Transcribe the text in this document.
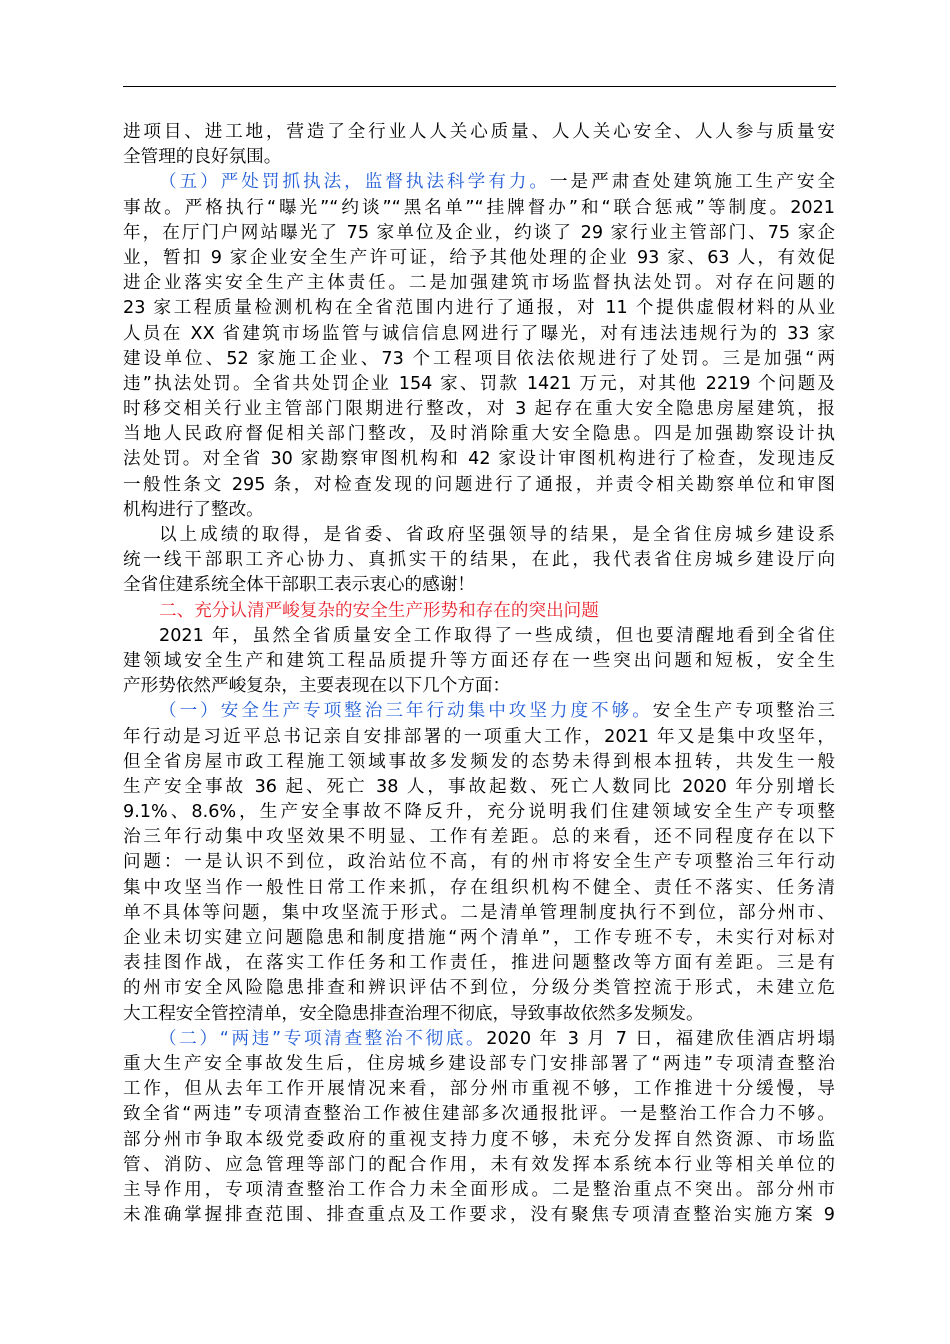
进项目、进工地，营造了全行业人人关心质量、人人关心安全、人人参与质量安
全管理的良好氛围。
（五）严处罚抓执法，监督执法科学有力。一是严肃查处建筑施工生产安全
事故。严格执行“曝光”“约谈”“黑名单”“挂牌督办”和“联合惩戒”等制度。2021
年，在厅门户网站曝光了 75 家单位及企业，约谈了 29 家行业主管部门、75 家企
业，暂扣 9 家企业安全生产许可证，给予其他处理的企业 93 家、63 人，有效促
进企业落实安全生产主体责任。二是加强建筑市场监督执法处罚。对存在问题的
23 家工程质量检测机构在全省范围内进行了通报，对 11 个提供虚假材料的从业
人员在 XX 省建筑市场监管与诚信信息网进行了曝光，对有违法违规行为的 33 家
建设单位、52 家施工企业、73 个工程项目依法依规进行了处罚。三是加强“两
违”执法处罚。全省共处罚企业 154 家、罚款 1421 万元，对其他 2219 个问题及
时移交相关行业主管部门限期进行整改，对 3 起存在重大安全隐患房屋建筑，报
当地人民政府督促相关部门整改，及时消除重大安全隐患。四是加强勘察设计执
法处罚。对全省 30 家勘察审图机构和 42 家设计审图机构进行了检查，发现违反
一般性条文 295 条，对检查发现的问题进行了通报，并责令相关勘察单位和审图
机构进行了整改。
以上成绩的取得，是省委、省政府坚强领导的结果，是全省住房城乡建设系
统一线干部职工齐心协力、真抓实干的结果，在此，我代表省住房城乡建设厅向
全省住建系统全体干部职工表示衷心的感谢！
二、充分认清严峻复杂的安全生产形势和存在的突出问题
2021 年，虽然全省质量安全工作取得了一些成绩，但也要清醒地看到全省住
建领域安全生产和建筑工程品质提升等方面还存在一些突出问题和短板，安全生
产形势依然严峻复杂，主要表现在以下几个方面：
（一）安全生产专项整治三年行动集中攻坚力度不够。安全生产专项整治三
年行动是习近平总书记亲自安排部署的一项重大工作，2021 年又是集中攻坚年，
但全省房屋市政工程施工领域事故多发频发的态势未得到根本扭转，共发生一般
生产安全事故 36 起、死亡 38 人，事故起数、死亡人数同比 2020 年分别增长
9.1%、8.6%，生产安全事故不降反升，充分说明我们住建领域安全生产专项整
治三年行动集中攻坚效果不明显、工作有差距。总的来看，还不同程度存在以下
问题：一是认识不到位，政治站位不高，有的州市将安全生产专项整治三年行动
集中攻坚当作一般性日常工作来抓，存在组织机构不健全、责任不落实、任务清
单不具体等问题，集中攻坚流于形式。二是清单管理制度执行不到位，部分州市、
企业未切实建立问题隐患和制度措施“两个清单”，工作专班不专，未实行对标对
表挂图作战，在落实工作任务和工作责任，推进问题整改等方面有差距。三是有
的州市安全风险隐患排查和辨识评估不到位，分级分类管控流于形式，未建立危
大工程安全管控清单，安全隐患排查治理不彻底，导致事故依然多发频发。
（二）“两违”专项清查整治不彻底。2020 年 3 月 7 日，福建欣佳酒店坍塌
重大生产安全事故发生后，住房城乡建设部专门安排部署了“两违”专项清查整治
工作，但从去年工作开展情况来看，部分州市重视不够，工作推进十分缓慢，导
致全省“两违”专项清查整治工作被住建部多次通报批评。一是整治工作合力不够。
部分州市争取本级党委政府的重视支持力度不够，未充分发挥自然资源、市场监
管、消防、应急管理等部门的配合作用，未有效发挥本系统本行业等相关单位的
主导作用，专项清查整治工作合力未全面形成。二是整治重点不突出。部分州市
未准确掌握排查范围、排查重点及工作要求，没有聚焦专项清查整治实施方案 9
